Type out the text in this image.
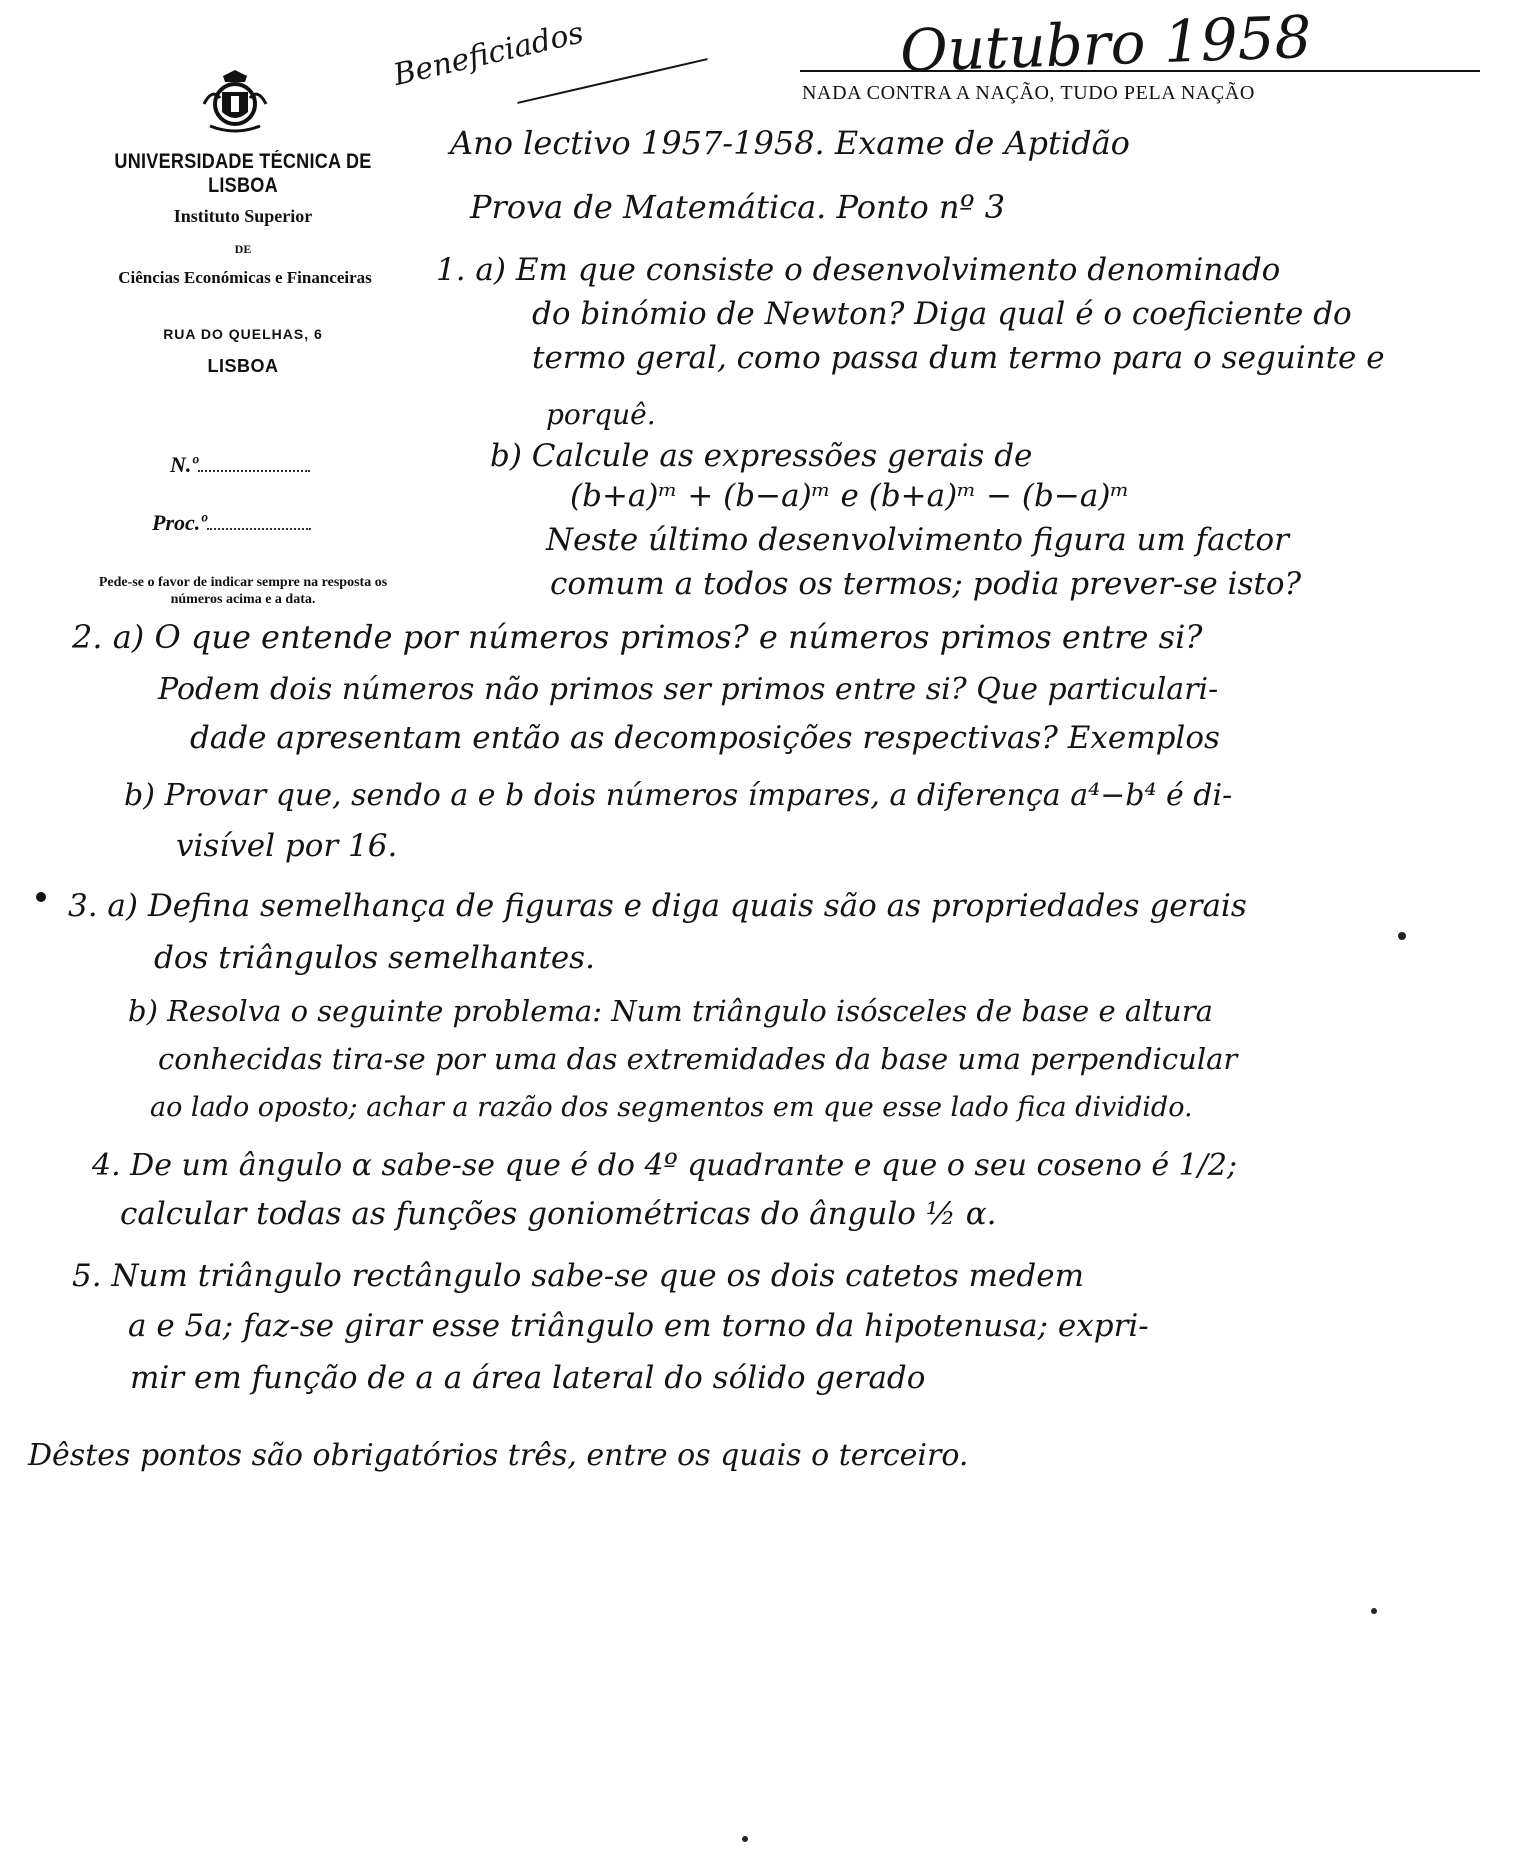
UNIVERSIDADE TÉCNICA DE LISBOA
Instituto Superior
DE
Ciências Económicas e Financeiras
RUA DO QUELHAS, 6
LISBOA
N.º
Proc.º
Pede-se o favor de indicar sempre na resposta os números acima e a data.
NADA CONTRA A NAÇÃO, TUDO PELA NAÇÃO
Outubro 1958
Beneficiados
Ano lectivo 1957-1958. Exame de Aptidão
Prova de Matemática. Ponto nº 3
1. a) Em que consiste o desenvolvimento denominado
do binómio de Newton? Diga qual é o coeficiente do
termo geral, como passa dum termo para o seguinte e
porquê.
b) Calcule as expressões gerais de
(b+a)ᵐ + (b−a)ᵐ e (b+a)ᵐ − (b−a)ᵐ
Neste último desenvolvimento figura um factor
comum a todos os termos; podia prever-se isto?
2. a) O que entende por números primos? e números primos entre si?
Podem dois números não primos ser primos entre si? Que particulari-
dade apresentam então as decomposições respectivas? Exemplos
b) Provar que, sendo a e b dois números ímpares, a diferença a⁴−b⁴ é di-
visível por 16.
3. a) Defina semelhança de figuras e diga quais são as propriedades gerais
dos triângulos semelhantes.
b) Resolva o seguinte problema: Num triângulo isósceles de base e altura
conhecidas tira-se por uma das extremidades da base uma perpendicular
ao lado oposto; achar a razão dos segmentos em que esse lado fica dividido.
4. De um ângulo α sabe-se que é do 4º quadrante e que o seu coseno é 1/2;
calcular todas as funções goniométricas do ângulo ½ α.
5. Num triângulo rectângulo sabe-se que os dois catetos medem
a e 5a; faz-se girar esse triângulo em torno da hipotenusa; expri-
mir em função de a a área lateral do sólido gerado
Dêstes pontos são obrigatórios três, entre os quais o terceiro.
